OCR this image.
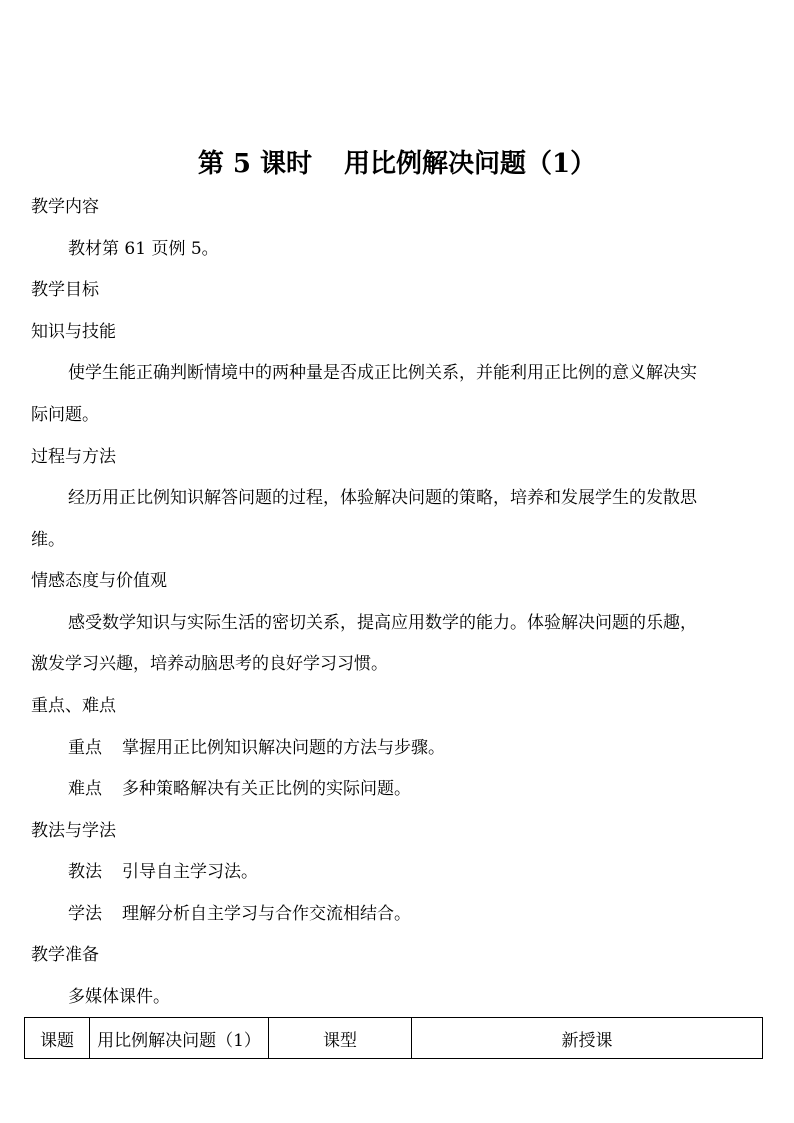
第 5 课时 用比例解决问题（1）
教学内容
教材第 61 页例 5。
教学目标
知识与技能
使学生能正确判断情境中的两种量是否成正比例关系，并能利用正比例的意义解决实
际问题。
过程与方法
经历用正比例知识解答问题的过程，体验解决问题的策略，培养和发展学生的发散思
维。
情感态度与价值观
感受数学知识与实际生活的密切关系，提高应用数学的能力。体验解决问题的乐趣，
激发学习兴趣，培养动脑思考的良好学习习惯。
重点、难点
重点 掌握用正比例知识解决问题的方法与步骤。
难点 多种策略解决有关正比例的实际问题。
教法与学法
教法 引导自主学习法。
学法 理解分析自主学习与合作交流相结合。
教学准备
多媒体课件。
课题	用比例解决问题（1）	课型	新授课
